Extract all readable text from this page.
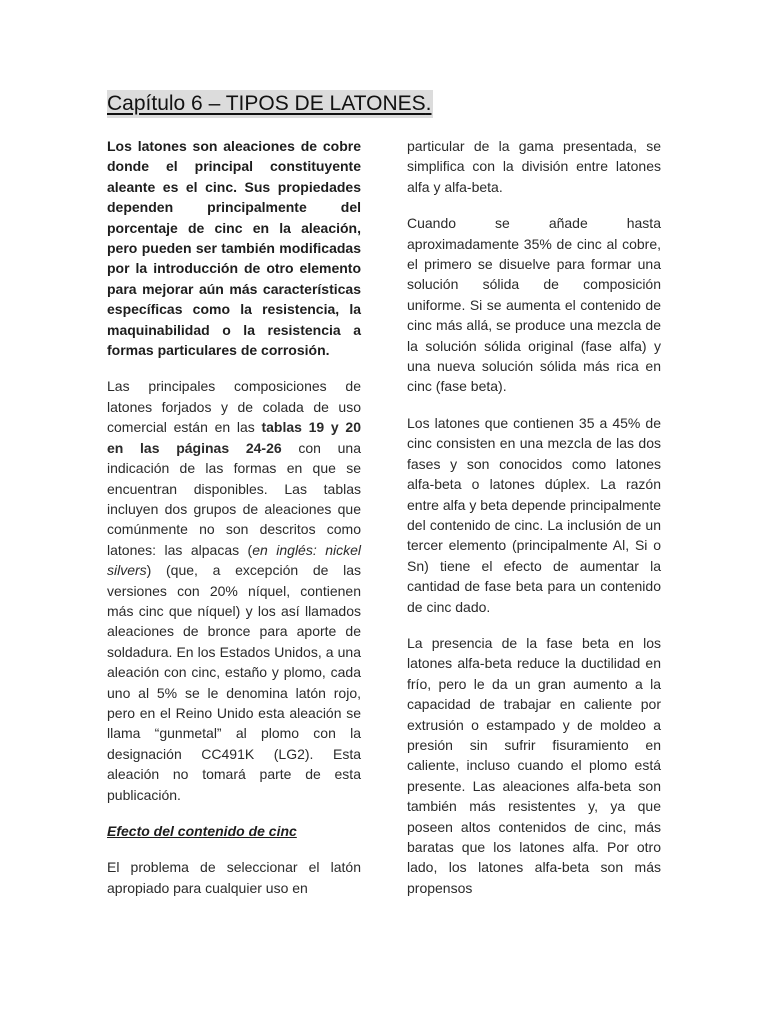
Capítulo 6 – TIPOS DE LATONES.

Los latones son aleaciones de cobre donde el principal constituyente aleante es el cinc. Sus propiedades dependen principalmente del porcentaje de cinc en la aleación, pero pueden ser también modificadas por la introducción de otro elemento para mejorar aún más características específicas como la resistencia, la maquinabilidad o la resistencia a formas particulares de corrosión.

Las principales composiciones de latones forjados y de colada de uso comercial están en las tablas 19 y 20 en las páginas 24-26 con una indicación de las formas en que se encuentran disponibles. Las tablas incluyen dos grupos de aleaciones que comúnmente no son descritos como latones: las alpacas (en inglés: nickel silvers) (que, a excepción de las versiones con 20% níquel, contienen más cinc que níquel) y los así llamados aleaciones de bronce para aporte de soldadura. En los Estados Unidos, a una aleación con cinc, estaño y plomo, cada uno al 5% se le denomina latón rojo, pero en el Reino Unido esta aleación se llama “gunmetal” al plomo con la designación CC491K (LG2). Esta aleación no tomará parte de esta publicación.

Efecto del contenido de cinc

El problema de seleccionar el latón apropiado para cualquier uso en

particular de la gama presentada, se simplifica con la división entre latones alfa y alfa-beta.

Cuando se añade hasta aproximadamente 35% de cinc al cobre, el primero se disuelve para formar una solución sólida de composición uniforme. Si se aumenta el contenido de cinc más allá, se produce una mezcla de la solución sólida original (fase alfa) y una nueva solución sólida más rica en cinc (fase beta).

Los latones que contienen 35 a 45% de cinc consisten en una mezcla de las dos fases y son conocidos como latones alfa-beta o latones dúplex. La razón entre alfa y beta depende principalmente del contenido de cinc. La inclusión de un tercer elemento (principalmente Al, Si o Sn) tiene el efecto de aumentar la cantidad de fase beta para un contenido de cinc dado.

La presencia de la fase beta en los latones alfa-beta reduce la ductilidad en frío, pero le da un gran aumento a la capacidad de trabajar en caliente por extrusión o estampado y de moldeo a presión sin sufrir fisuramiento en caliente, incluso cuando el plomo está presente. Las aleaciones alfa-beta son también más resistentes y, ya que poseen altos contenidos de cinc, más baratas que los latones alfa. Por otro lado, los latones alfa-beta son más propensos
